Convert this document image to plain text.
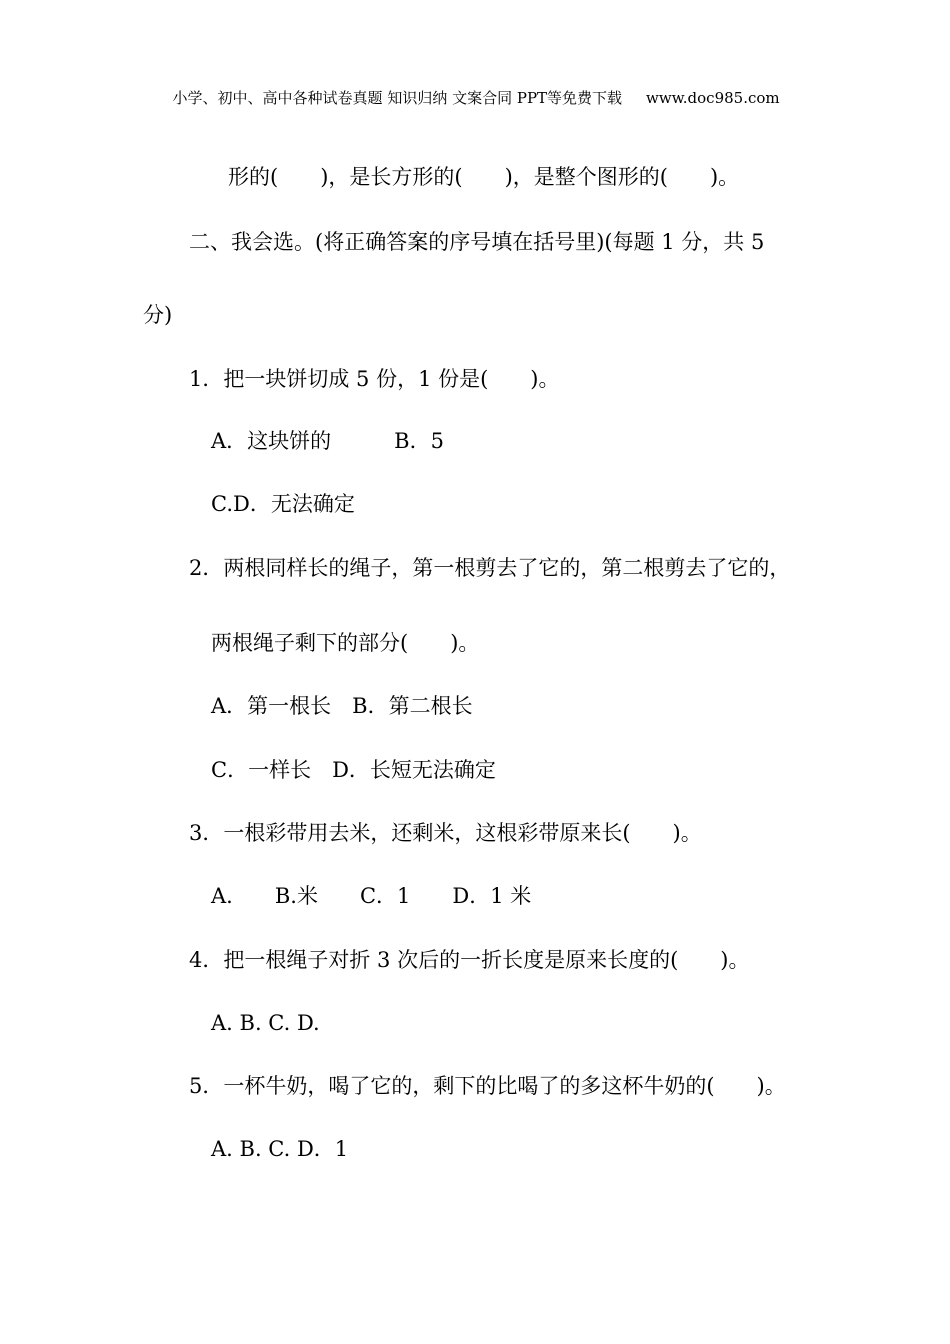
小学、初中、高中各种试卷真题 知识归纳 文案合同 PPT等免费下载 www.doc985.com

形的(　　)，是长方形的(　　)，是整个图形的(　　)。
二、我会选。(将正确答案的序号填在括号里)(每题 1 分，共 5
分)
1．把一块饼切成 5 份，1 份是(　　)。
A．这块饼的　　　B．5
C.D．无法确定
2．两根同样长的绳子，第一根剪去了它的，第二根剪去了它的，
两根绳子剩下的部分(　　)。
A．第一根长　B．第二根长
C．一样长　D．长短无法确定
3．一根彩带用去米，还剩米，这根彩带原来长(　　)。
A.　　B.米　　C．1　　D．1 米
4．把一根绳子对折 3 次后的一折长度是原来长度的(　　)。
A. B. C. D.
5．一杯牛奶，喝了它的，剩下的比喝了的多这杯牛奶的(　　)。
A. B. C. D．1
